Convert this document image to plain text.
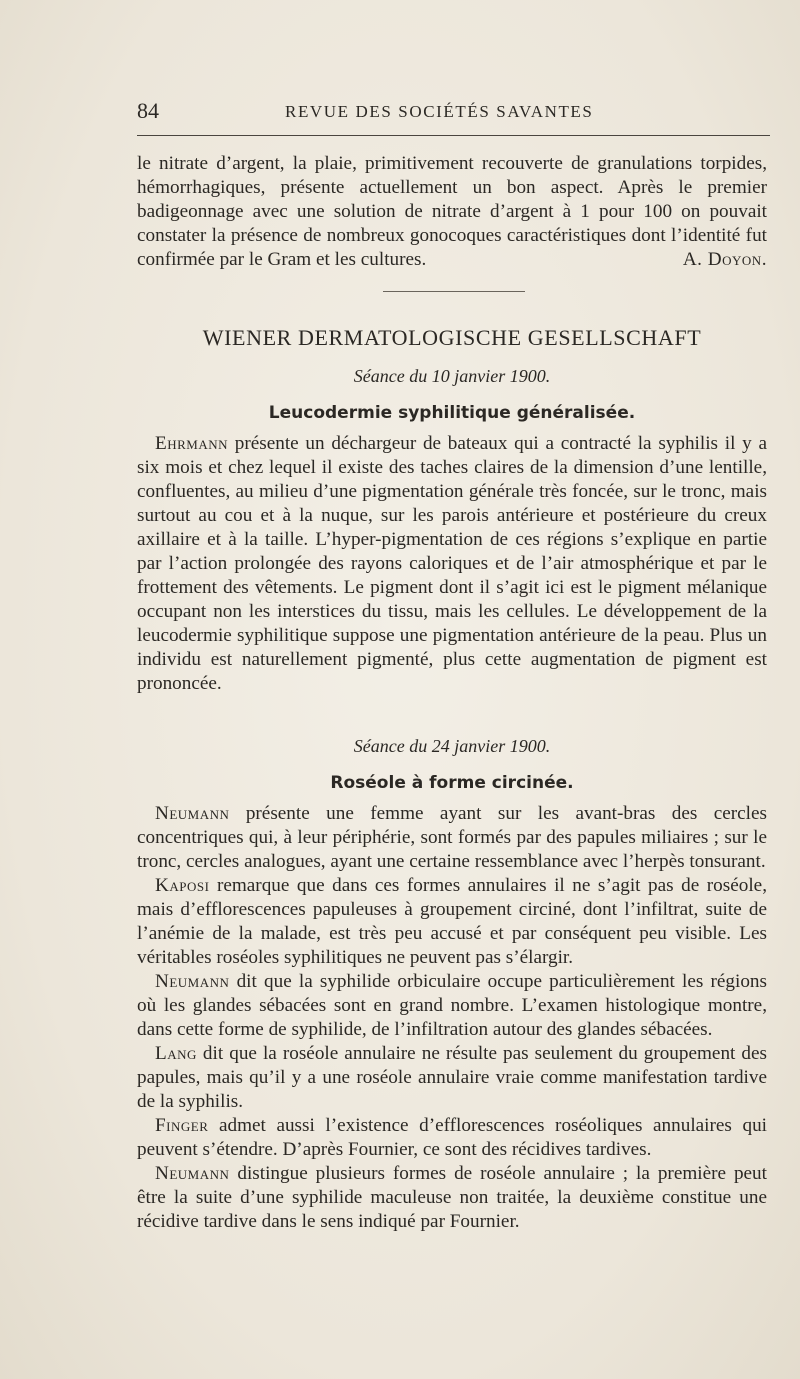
84	REVUE DES SOCIÉTÉS SAVANTES

le nitrate d’argent, la plaie, primitivement recouverte de granulations torpides, hémorrhagiques, présente actuellement un bon aspect. Après le premier badigeonnage avec une solution de nitrate d’argent à 1 pour 100 on pouvait constater la présence de nombreux gonocoques caractéristiques dont l’identité fut confirmée par le Gram et les cultures.	A. Doyon.

WIENER DERMATOLOGISCHE GESELLSCHAFT
Séance du 10 janvier 1900.
Leucodermie syphilitique généralisée.

Ehrmann présente un déchargeur de bateaux qui a contracté la syphilis il y a six mois et chez lequel il existe des taches claires de la dimension d’une lentille, confluentes, au milieu d’une pigmentation générale très foncée, sur le tronc, mais surtout au cou et à la nuque, sur les parois antérieure et postérieure du creux axillaire et à la taille. L’hyper-pigmentation de ces régions s’explique en partie par l’action prolongée des rayons caloriques et de l’air atmosphérique et par le frottement des vêtements. Le pigment dont il s’agit ici est le pigment mélanique occupant non les interstices du tissu, mais les cellules. Le développement de la leucodermie syphilitique suppose une pigmentation antérieure de la peau. Plus un individu est naturellement pigmenté, plus cette augmentation de pigment est prononcée.

Séance du 24 janvier 1900.
Roséole à forme circinée.

Neumann présente une femme ayant sur les avant-bras des cercles concentriques qui, à leur périphérie, sont formés par des papules miliaires ; sur le tronc, cercles analogues, ayant une certaine ressemblance avec l’herpès tonsurant.

Kaposi remarque que dans ces formes annulaires il ne s’agit pas de roséole, mais d’efflorescences papuleuses à groupement circiné, dont l’infiltrat, suite de l’anémie de la malade, est très peu accusé et par conséquent peu visible. Les véritables roséoles syphilitiques ne peuvent pas s’élargir.

Neumann dit que la syphilide orbiculaire occupe particulièrement les régions où les glandes sébacées sont en grand nombre. L’examen histologique montre, dans cette forme de syphilide, de l’infiltration autour des glandes sébacées.

Lang dit que la roséole annulaire ne résulte pas seulement du groupement des papules, mais qu’il y a une roséole annulaire vraie comme manifestation tardive de la syphilis.

Finger admet aussi l’existence d’efflorescences roséoliques annulaires qui peuvent s’étendre. D’après Fournier, ce sont des récidives tardives.

Neumann distingue plusieurs formes de roséole annulaire ; la première peut être la suite d’une syphilide maculeuse non traitée, la deuxième constitue une récidive tardive dans le sens indiqué par Fournier.
